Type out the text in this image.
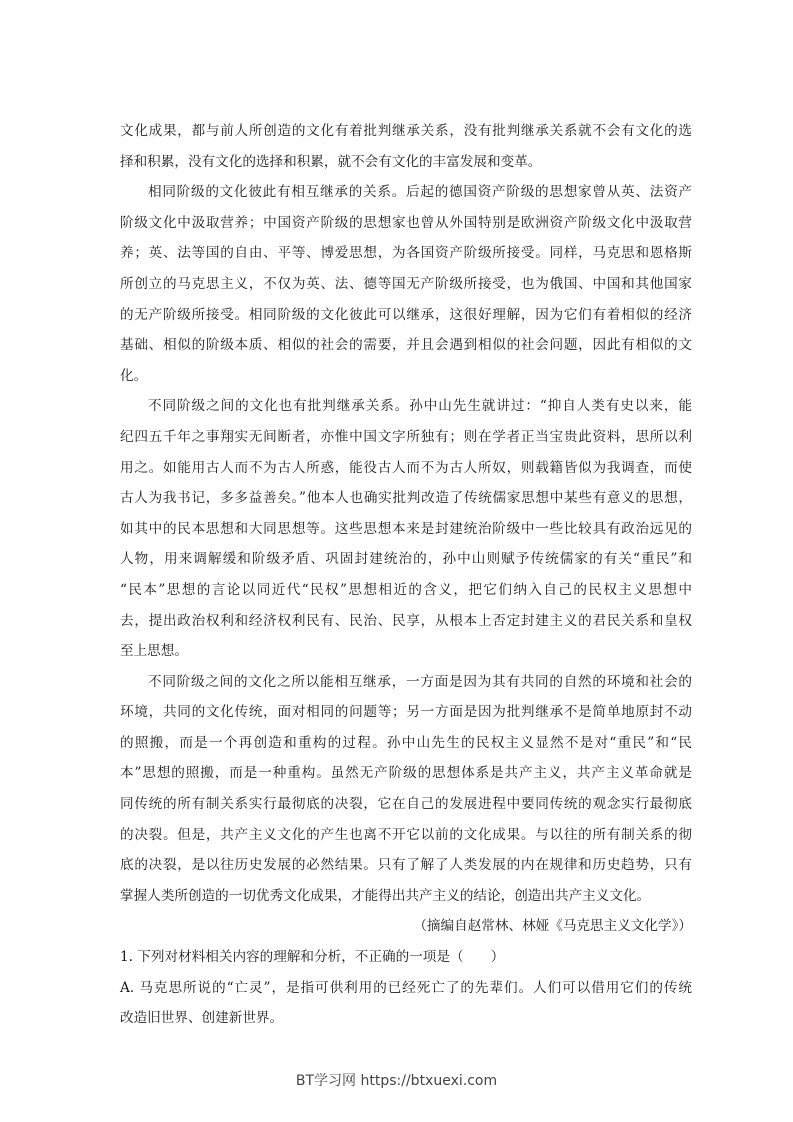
文化成果，都与前人所创造的文化有着批判继承关系，没有批判继承关系就不会有文化的选
择和积累，没有文化的选择和积累，就不会有文化的丰富发展和变革。
相同阶级的文化彼此有相互继承的关系。后起的德国资产阶级的思想家曾从英、法资产
阶级文化中汲取营养；中国资产阶级的思想家也曾从外国特别是欧洲资产阶级文化中汲取营
养；英、法等国的自由、平等、博爱思想，为各国资产阶级所接受。同样，马克思和恩格斯
所创立的马克思主义，不仅为英、法、德等国无产阶级所接受，也为俄国、中国和其他国家
的无产阶级所接受。相同阶级的文化彼此可以继承，这很好理解，因为它们有着相似的经济
基础、相似的阶级本质、相似的社会的需要，并且会遇到相似的社会问题，因此有相似的文
化。
不同阶级之间的文化也有批判继承关系。孙中山先生就讲过：“抑自人类有史以来，能
纪四五千年之事翔实无间断者，亦惟中国文字所独有；则在学者正当宝贵此资料，思所以利
用之。如能用古人而不为古人所惑，能役古人而不为古人所奴，则载籍皆似为我调查，而使
古人为我书记，多多益善矣。”他本人也确实批判改造了传统儒家思想中某些有意义的思想，
如其中的民本思想和大同思想等。这些思想本来是封建统治阶级中一些比较具有政治远见的
人物，用来调解缓和阶级矛盾、巩固封建统治的，孙中山则赋予传统儒家的有关“重民”和
“民本”思想的言论以同近代“民权”思想相近的含义，把它们纳入自己的民权主义思想中
去，提出政治权利和经济权利民有、民治、民享，从根本上否定封建主义的君民关系和皇权
至上思想。
不同阶级之间的文化之所以能相互继承，一方面是因为其有共同的自然的环境和社会的
环境，共同的文化传统，面对相同的问题等；另一方面是因为批判继承不是简单地原封不动
的照搬，而是一个再创造和重构的过程。孙中山先生的民权主义显然不是对“重民”和“民
本”思想的照搬，而是一种重构。虽然无产阶级的思想体系是共产主义，共产主义革命就是
同传统的所有制关系实行最彻底的决裂，它在自己的发展进程中要同传统的观念实行最彻底
的决裂。但是，共产主义文化的产生也离不开它以前的文化成果。与以往的所有制关系的彻
底的决裂，是以往历史发展的必然结果。只有了解了人类发展的内在规律和历史趋势，只有
掌握人类所创造的一切优秀文化成果，才能得出共产主义的结论，创造出共产主义文化。
（摘编自赵常林、林娅《马克思主义文化学》）
1. 下列对材料相关内容的理解和分析，不正确的一项是（　　）
A. 马克思所说的“亡灵”，是指可供利用的已经死亡了的先辈们。人们可以借用它们的传统
改造旧世界、创建新世界。
BT学习网 https://btxuexi.com
